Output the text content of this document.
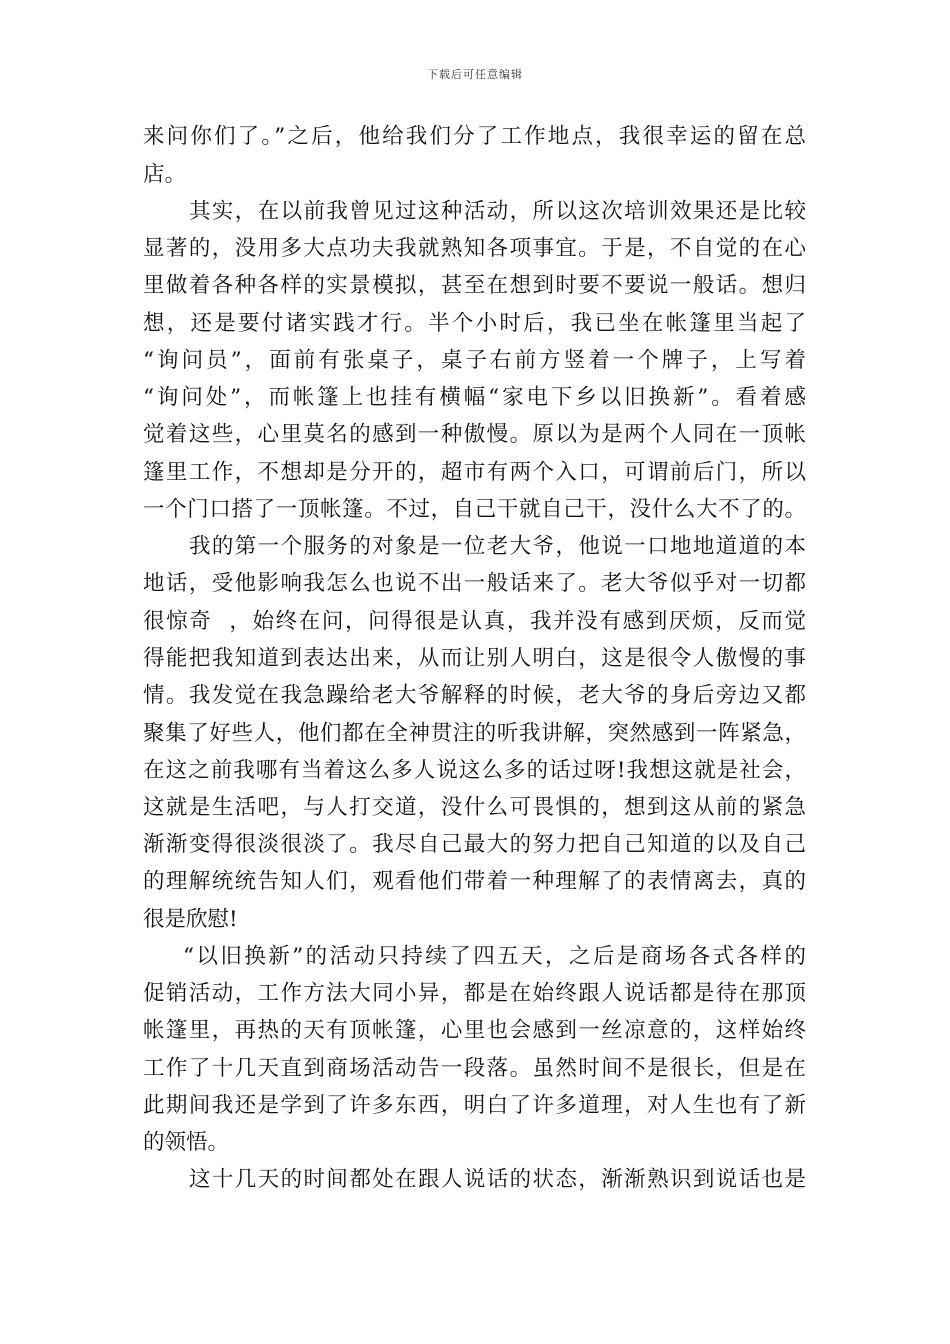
下载后可任意编辑
来问你们了。”之后，他给我们分了工作地点，我很幸运的留在总
店。
其实，在以前我曾见过这种活动，所以这次培训效果还是比较
显著的，没用多大点功夫我就熟知各项事宜。于是，不自觉的在心
里做着各种各样的实景模拟，甚至在想到时要不要说一般话。想归
想，还是要付诸实践才行。半个小时后，我已坐在帐篷里当起了
“询问员”，面前有张桌子，桌子右前方竖着一个牌子，上写着
“询问处”，而帐篷上也挂有横幅“家电下乡以旧换新”。看着感
觉着这些，心里莫名的感到一种傲慢。原以为是两个人同在一顶帐
篷里工作，不想却是分开的，超市有两个入口，可谓前后门，所以
一个门口搭了一顶帐篷。不过，自己干就自己干，没什么大不了的。
我的第一个服务的对象是一位老大爷，他说一口地地道道的本
地话，受他影响我怎么也说不出一般话来了。老大爷似乎对一切都
很惊奇  ，始终在问，问得很是认真，我并没有感到厌烦，反而觉
得能把我知道到表达出来，从而让别人明白，这是很令人傲慢的事
情。我发觉在我急躁给老大爷解释的时候，老大爷的身后旁边又都
聚集了好些人，他们都在全神贯注的听我讲解，突然感到一阵紧急，
在这之前我哪有当着这么多人说这么多的话过呀!我想这就是社会，
这就是生活吧，与人打交道，没什么可畏惧的，想到这从前的紧急
渐渐变得很淡很淡了。我尽自己最大的努力把自己知道的以及自己
的理解统统告知人们，观看他们带着一种理解了的表情离去，真的
很是欣慰!
“以旧换新”的活动只持续了四五天，之后是商场各式各样的
促销活动，工作方法大同小异，都是在始终跟人说话都是待在那顶
帐篷里，再热的天有顶帐篷，心里也会感到一丝凉意的，这样始终
工作了十几天直到商场活动告一段落。虽然时间不是很长，但是在
此期间我还是学到了许多东西，明白了许多道理，对人生也有了新
的领悟。
这十几天的时间都处在跟人说话的状态，渐渐熟识到说话也是
